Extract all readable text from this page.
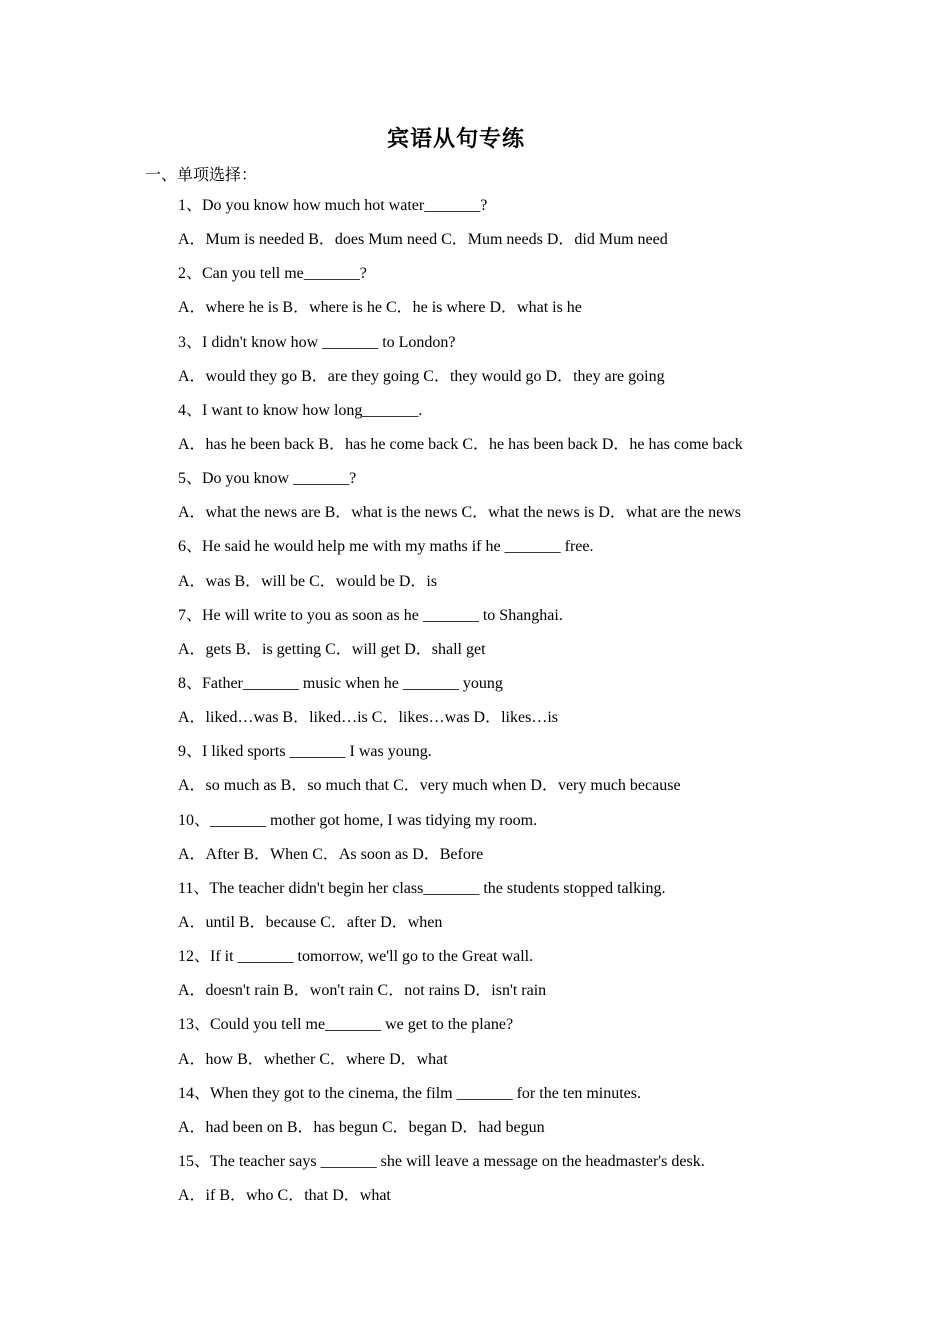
宾语从句专练
一、单项选择：
1、Do you know how much hot water_______?
A．Mum is needed B．does Mum need C．Mum needs D．did Mum need
2、Can you tell me_______?
A．where he is B．where is he C．he is where D．what is he
3、I didn't know how _______ to London?
A．would they go B．are they going C．they would go D．they are going
4、I want to know how long_______.
A．has he been back B．has he come back C．he has been back D．he has come back
5、Do you know _______?
A．what the news are B．what is the news C．what the news is D．what are the news
6、He said he would help me with my maths if he _______ free.
A．was B．will be C．would be D．is
7、He will write to you as soon as he _______ to Shanghai.
A．gets B．is getting C．will get D．shall get
8、Father_______ music when he _______ young
A．liked…was B．liked…is C．likes…was D．likes…is
9、I liked sports _______ I was young.
A．so much as B．so much that C．very much when D．very much because
10、_______ mother got home, I was tidying my room.
A．After B．When C．As soon as D．Before
11、The teacher didn't begin her class_______ the students stopped talking.
A．until B．because C．after D．when
12、If it _______ tomorrow, we'll go to the Great wall.
A．doesn't rain B．won't rain C．not rains D．isn't rain
13、Could you tell me_______ we get to the plane?
A．how B．whether C．where D．what
14、When they got to the cinema, the film _______ for the ten minutes.
A．had been on B．has begun C．began D．had begun
15、The teacher says _______ she will leave a message on the headmaster's desk.
A．if B．who C．that D．what
